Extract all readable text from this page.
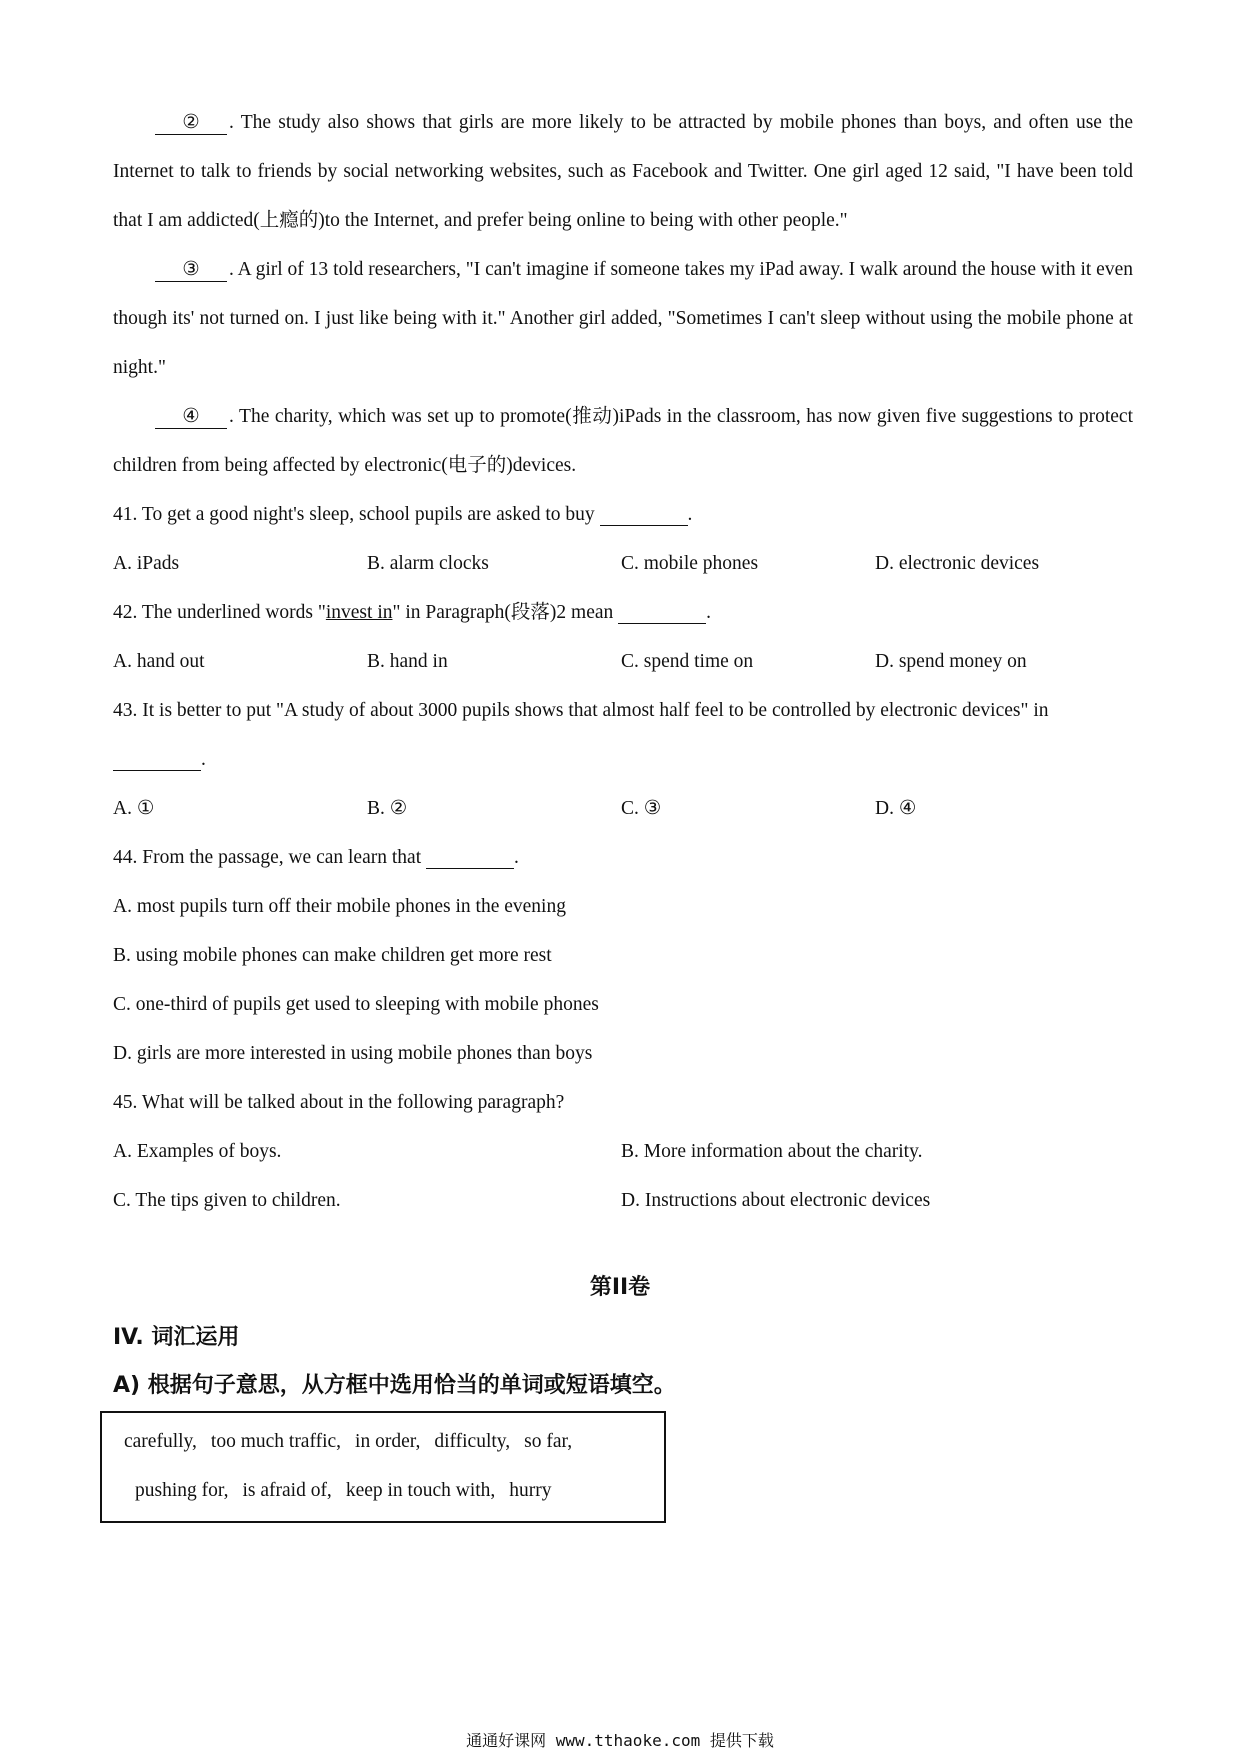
② . The study also shows that girls are more likely to be attracted by mobile phones than boys, and often use the Internet to talk to friends by social networking websites, such as Facebook and Twitter. One girl aged 12 said, "I have been told that I am addicted(上瘾的)to the Internet, and prefer being online to being with other people."

③ . A girl of 13 told researchers, "I can't imagine if someone takes my iPad away. I walk around the house with it even though its' not turned on. I just like being with it." Another girl added, "Sometimes I can't sleep without using the mobile phone at night."

④ . The charity, which was set up to promote(推动)iPads in the classroom, has now given five suggestions to protect children from being affected by electronic(电子的)devices.

41. To get a good night's sleep, school pupils are asked to buy	.

A. iPads	B. alarm clocks	C. mobile phones	D. electronic devices

42. The underlined words "invest in" in Paragraph(段落)2 mean	.

A. hand out	B. hand in	C. spend time on	D. spend money on

43. It is better to put "A study of about 3000 pupils shows that almost half feel to be controlled by electronic devices" in .

A. ①	B. ②	C. ③	D. ④

44. From the passage, we can learn that	.

A. most pupils turn off their mobile phones in the evening

B. using mobile phones can make children get more rest

C. one-third of pupils get used to sleeping with mobile phones

D. girls are more interested in using mobile phones than boys

45. What will be talked about in the following paragraph?

A. Examples of boys.	B. More information about the charity.
C. The tips given to children.	D. Instructions about electronic devices
第II卷
IV. 词汇运用
A) 根据句子意思，从方框中选用恰当的单词或短语填空。

carefully, too much traffic, in order, difficulty, so far,

pushing for, is afraid of, keep in touch with, hurry

通通好课网 www.tthaoke.com 提供下载
